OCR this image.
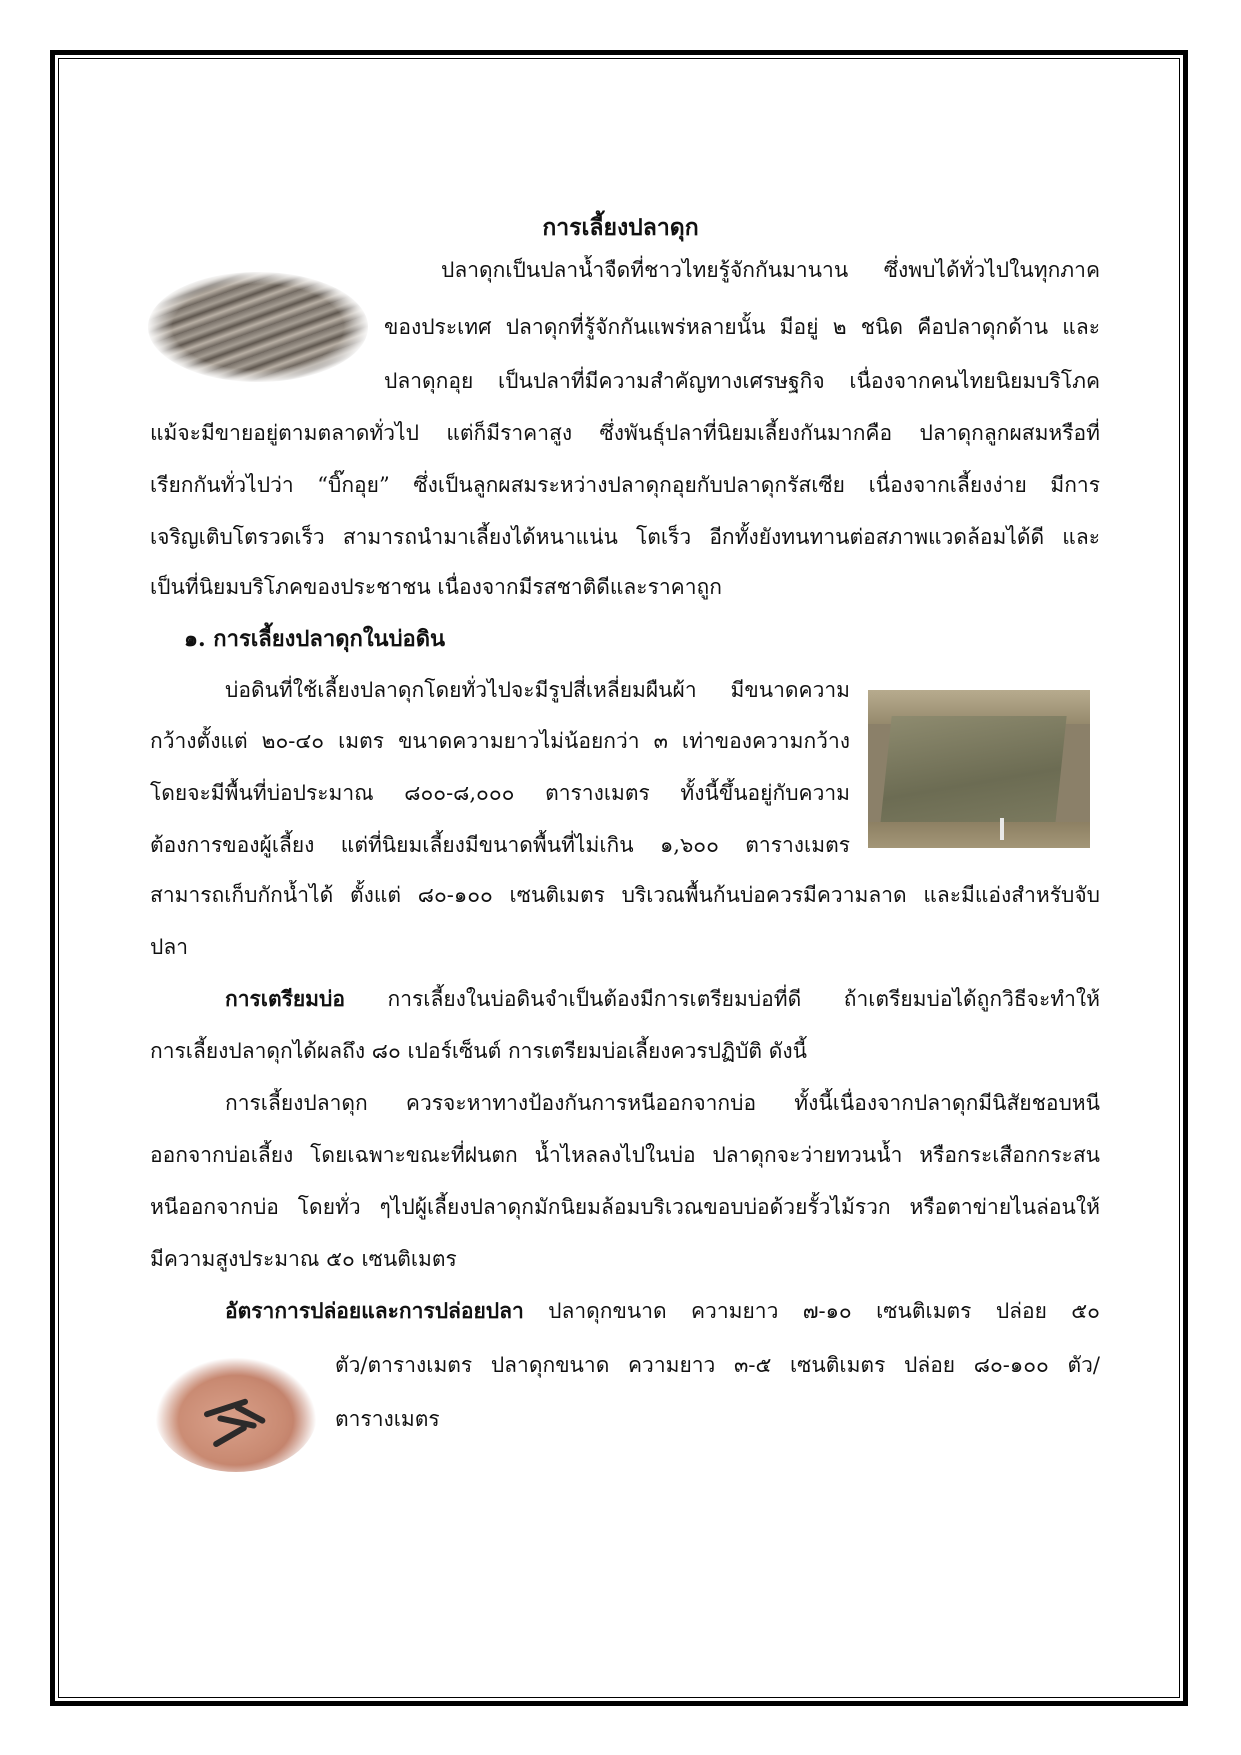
การเลี้ยงปลาดุก
ปลาดุกเป็นปลาน้ำจืดที่ชาวไทยรู้จักกันมานาน ซึ่งพบได้ทั่วไปในทุกภาค
ของประเทศ ปลาดุกที่รู้จักกันแพร่หลายนั้น มีอยู่ ๒ ชนิด คือปลาดุกด้าน และ
ปลาดุกอุย เป็นปลาที่มีความสำคัญทางเศรษฐกิจ เนื่องจากคนไทยนิยมบริโภค
แม้จะมีขายอยู่ตามตลาดทั่วไป แต่ก็มีราคาสูง ซึ่งพันธุ์ปลาที่นิยมเลี้ยงกันมากคือ ปลาดุกลูกผสมหรือที่
เรียกกันทั่วไปว่า “บิ๊กอุย” ซึ่งเป็นลูกผสมระหว่างปลาดุกอุยกับปลาดุกรัสเซีย เนื่องจากเลี้ยงง่าย มีการ
เจริญเติบโตรวดเร็ว สามารถนำมาเลี้ยงได้หนาแน่น โตเร็ว อีกทั้งยังทนทานต่อสภาพแวดล้อมได้ดี และ
เป็นที่นิยมบริโภคของประชาชน เนื่องจากมีรสชาติดีและราคาถูก
๑. การเลี้ยงปลาดุกในบ่อดิน
บ่อดินที่ใช้เลี้ยงปลาดุกโดยทั่วไปจะมีรูปสี่เหลี่ยมผืนผ้า มีขนาดความ
กว้างตั้งแต่ ๒๐-๔๐ เมตร ขนาดความยาวไม่น้อยกว่า ๓ เท่าของความกว้าง
โดยจะมีพื้นที่บ่อประมาณ ๘๐๐-๘,๐๐๐ ตารางเมตร ทั้งนี้ขึ้นอยู่กับความ
ต้องการของผู้เลี้ยง แต่ที่นิยมเลี้ยงมีขนาดพื้นที่ไม่เกิน ๑,๖๐๐ ตารางเมตร
สามารถเก็บกักน้ำได้ ตั้งแต่ ๘๐-๑๐๐ เซนติเมตร บริเวณพื้นก้นบ่อควรมีความลาด และมีแอ่งสำหรับจับ
ปลา
การเตรียมบ่อ การเลี้ยงในบ่อดินจำเป็นต้องมีการเตรียมบ่อที่ดี ถ้าเตรียมบ่อได้ถูกวิธีจะทำให้
การเลี้ยงปลาดุกได้ผลถึง ๘๐ เปอร์เซ็นต์ การเตรียมบ่อเลี้ยงควรปฏิบัติ ดังนี้
การเลี้ยงปลาดุก ควรจะหาทางป้องกันการหนีออกจากบ่อ ทั้งนี้เนื่องจากปลาดุกมีนิสัยชอบหนี
ออกจากบ่อเลี้ยง โดยเฉพาะขณะที่ฝนตก น้ำไหลลงไปในบ่อ ปลาดุกจะว่ายทวนน้ำ หรือกระเสือกกระสน
หนีออกจากบ่อ โดยทั่ว ๆไปผู้เลี้ยงปลาดุกมักนิยมล้อมบริเวณขอบบ่อด้วยรั้วไม้รวก หรือตาข่ายไนล่อนให้
มีความสูงประมาณ ๕๐ เซนติเมตร
อัตราการปล่อยและการปล่อยปลา ปลาดุกขนาด ความยาว ๗-๑๐ เซนติเมตร ปล่อย ๕๐
ตัว/ตารางเมตร ปลาดุกขนาด ความยาว ๓-๕ เซนติเมตร ปล่อย ๘๐-๑๐๐ ตัว/
ตารางเมตร
